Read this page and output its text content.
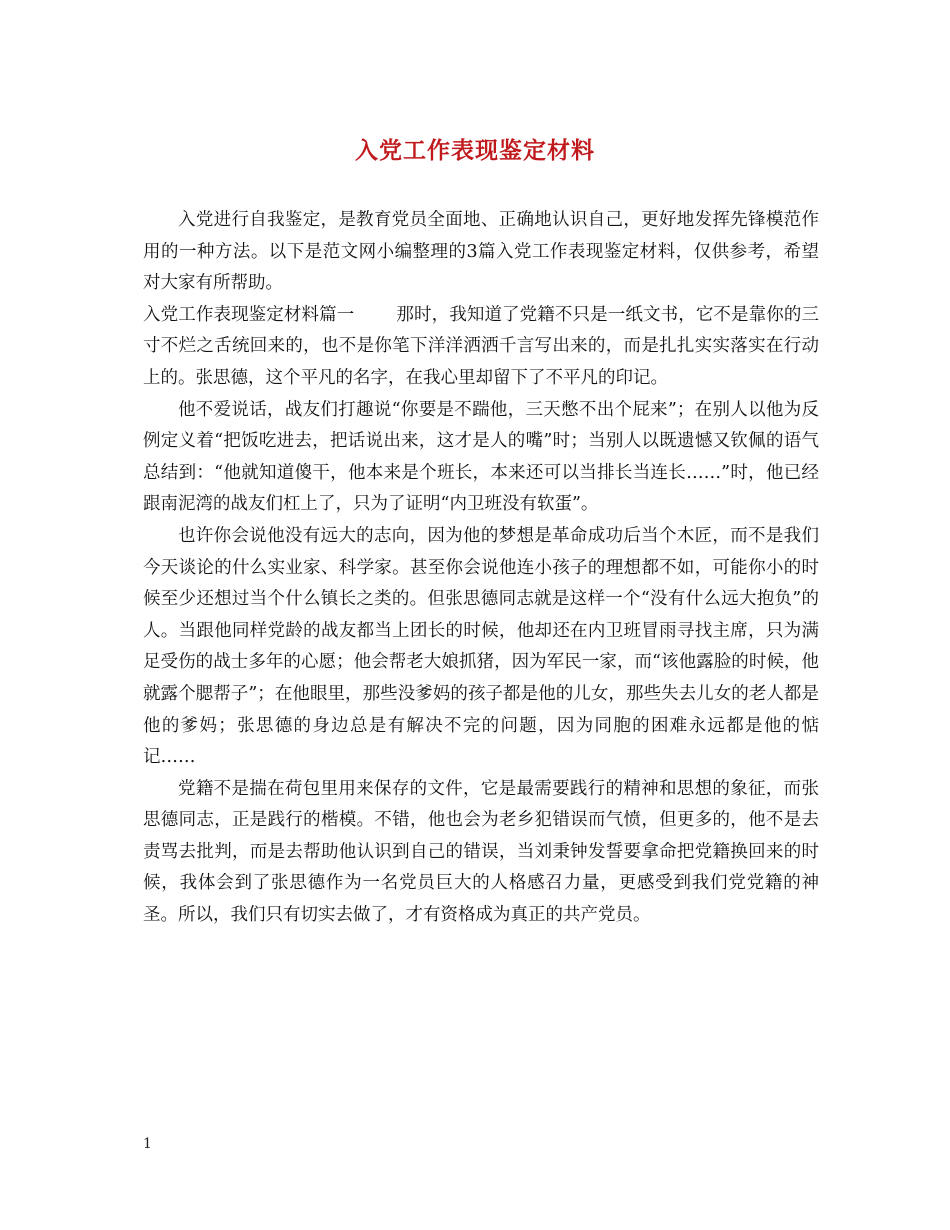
入党工作表现鉴定材料

入党进行自我鉴定，是教育党员全面地、正确地认识自己，更好地发挥先锋模范作用的一种方法。以下是范文网小编整理的3篇入党工作表现鉴定材料，仅供参考，希望对大家有所帮助。

入党工作表现鉴定材料篇一 那时，我知道了党籍不只是一纸文书，它不是靠你的三寸不烂之舌统回来的，也不是你笔下洋洋洒洒千言写出来的，而是扎扎实实落实在行动上的。张思德，这个平凡的名字，在我心里却留下了不平凡的印记。

他不爱说话，战友们打趣说“你要是不踹他，三天憋不出个屁来”；在别人以他为反例定义着“把饭吃进去，把话说出来，这才是人的嘴”时；当别人以既遗憾又钦佩的语气总结到：“他就知道傻干，他本来是个班长，本来还可以当排长当连长……”时，他已经跟南泥湾的战友们杠上了，只为了证明“内卫班没有软蛋”。

也许你会说他没有远大的志向，因为他的梦想是革命成功后当个木匠，而不是我们今天谈论的什么实业家、科学家。甚至你会说他连小孩子的理想都不如，可能你小的时候至少还想过当个什么镇长之类的。但张思德同志就是这样一个“没有什么远大抱负”的人。当跟他同样党龄的战友都当上团长的时候，他却还在内卫班冒雨寻找主席，只为满足受伤的战士多年的心愿；他会帮老大娘抓猪，因为军民一家，而“该他露脸的时候，他就露个腮帮子”；在他眼里，那些没爹妈的孩子都是他的儿女，那些失去儿女的老人都是他的爹妈；张思德的身边总是有解决不完的问题，因为同胞的困难永远都是他的惦记……

党籍不是揣在荷包里用来保存的文件，它是最需要践行的精神和思想的象征，而张思德同志，正是践行的楷模。不错，他也会为老乡犯错误而气愤，但更多的，他不是去责骂去批判，而是去帮助他认识到自己的错误，当刘秉钟发誓要拿命把党籍换回来的时候，我体会到了张思德作为一名党员巨大的人格感召力量，更感受到我们党党籍的神圣。所以，我们只有切实去做了，才有资格成为真正的共产党员。

1
